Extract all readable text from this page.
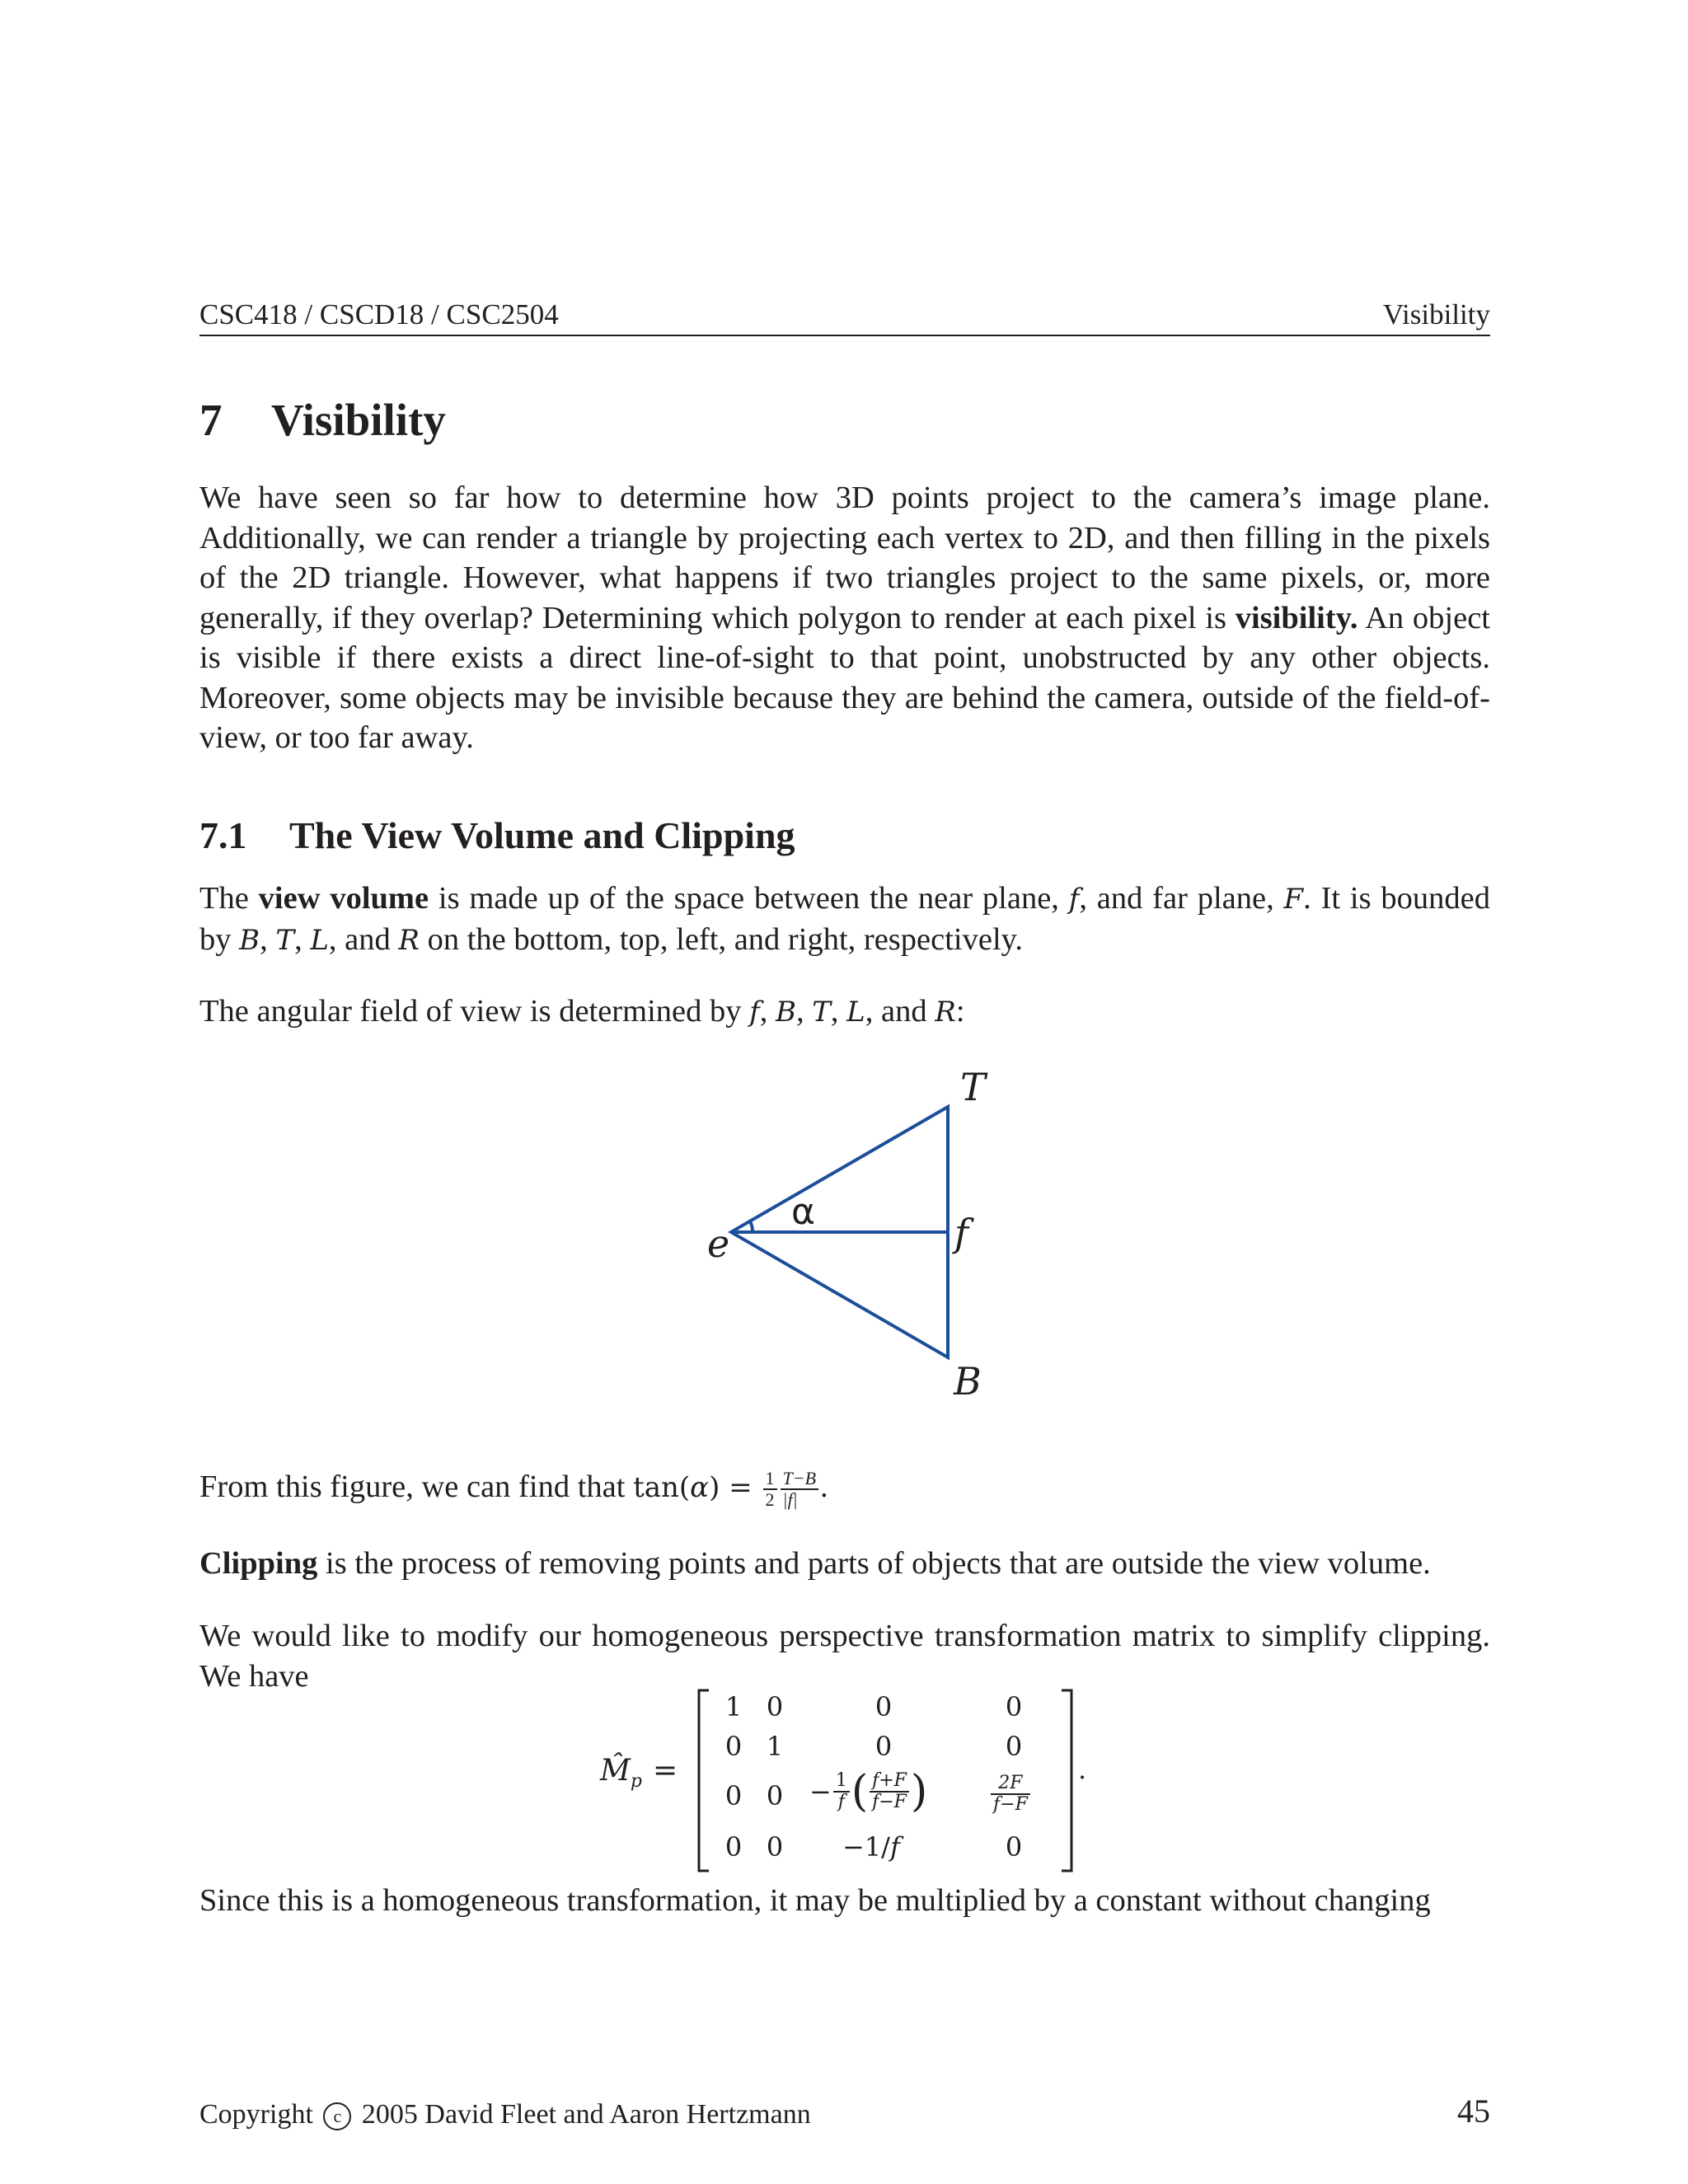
CSC418 / CSCD18 / CSC2504	Visibility
7 Visibility

We have seen so far how to determine how 3D points project to the camera’s image plane. Additionally, we can render a triangle by projecting each vertex to 2D, and then filling in the pixels of the 2D triangle. However, what happens if two triangles project to the same pixels, or, more generally, if they overlap? Determining which polygon to render at each pixel is visibility. An object is visible if there exists a direct line-of-sight to that point, unobstructed by any other objects. Moreover, some objects may be invisible because they are behind the camera, outside of the field-of-view, or too far away.

7.1 The View Volume and Clipping

The view volume is made up of the space between the near plane, f, and far plane, F. It is bounded by B, T, L, and R on the bottom, top, left, and right, respectively.

The angular field of view is determined by f, B, T, L, and R:

T
f
B
e
α

From this figure, we can find that $\tan(\alpha) = \frac{1}{2} \frac{T-B}{|f|}$ .

Clipping is the process of removing points and parts of objects that are outside the view volume.

We would like to modify our homogeneous perspective transformation matrix to simplify clipping. We have

$M̂_p$ =
1 0	0	0
0 1	0	0
0 $0 - \frac{1}{f}$ ( $\frac{f+F}{f-F}$ )	$\frac{2F}{f-F}$
0 0	−1/f	0
.

Since this is a homogeneous transformation, it may be multiplied by a constant without changing

Copyright c 2005 David Fleet and Aaron Hertzmann	45
